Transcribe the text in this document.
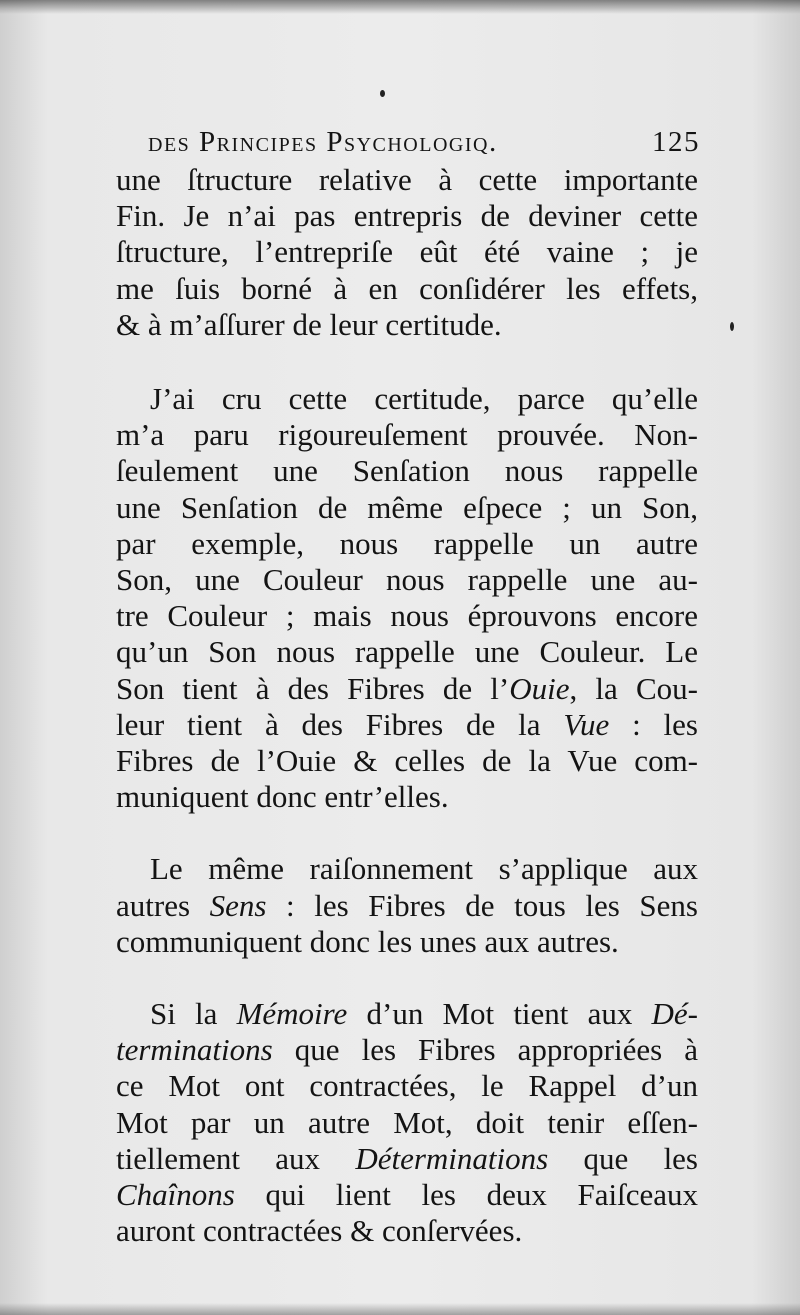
des Principes Psychologiq.	125

une ſtructure relative à cette importante
Fin. Je n’ai pas entrepris de deviner cette
ſtructure, l’entrepriſe eût été vaine ; je
me ſuis borné à en conſidérer les effets,
& à m’aſſurer de leur certitude.

J’ai cru cette certitude, parce qu’elle
m’a paru rigoureuſement prouvée. Non-
ſeulement une Senſation nous rappelle
une Senſation de même eſpece ; un Son,
par exemple, nous rappelle un autre
Son, une Couleur nous rappelle une au-
tre Couleur ; mais nous éprouvons encore
qu’un Son nous rappelle une Couleur. Le
Son tient à des Fibres de l’Ouie, la Cou-
leur tient à des Fibres de la Vue : les
Fibres de l’Ouie & celles de la Vue com-
muniquent donc entr’elles.

Le même raiſonnement s’applique aux
autres Sens : les Fibres de tous les Sens
communiquent donc les unes aux autres.

Si la Mémoire d’un Mot tient aux Dé-
terminations que les Fibres appropriées à
ce Mot ont contractées, le Rappel d’un
Mot par un autre Mot, doit tenir eſſen-
tiellement aux Déterminations que les
Chaînons qui lient les deux Faiſceaux
auront contractées & conſervées.
